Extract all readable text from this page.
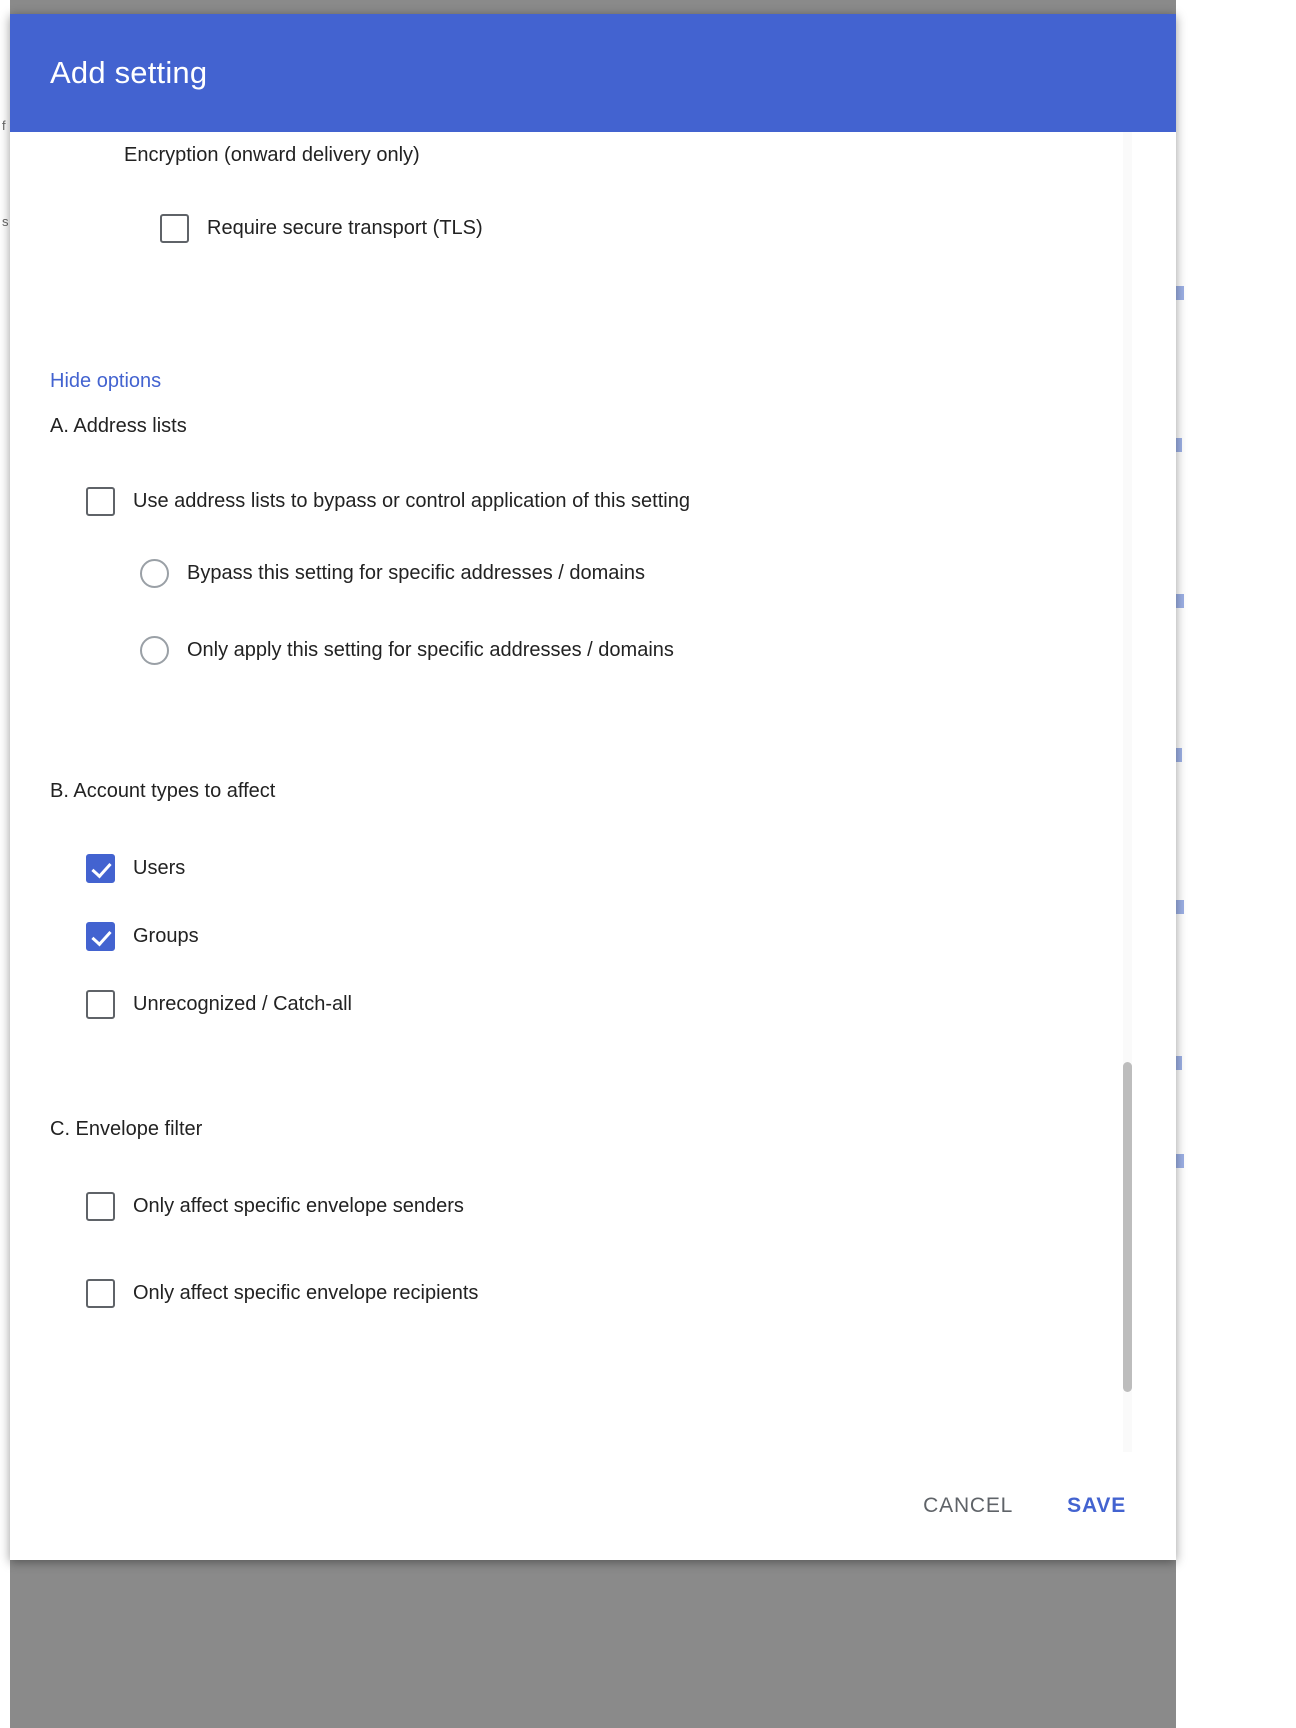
f
s
Add setting
Encryption (onward delivery only)
Require secure transport (TLS)
Hide options
A. Address lists
Use address lists to bypass or control application of this setting
Bypass this setting for specific addresses / domains
Only apply this setting for specific addresses / domains
B. Account types to affect
Users
Groups
Unrecognized / Catch-all
C. Envelope filter
Only affect specific envelope senders
Only affect specific envelope recipients
CANCEL	SAVE
